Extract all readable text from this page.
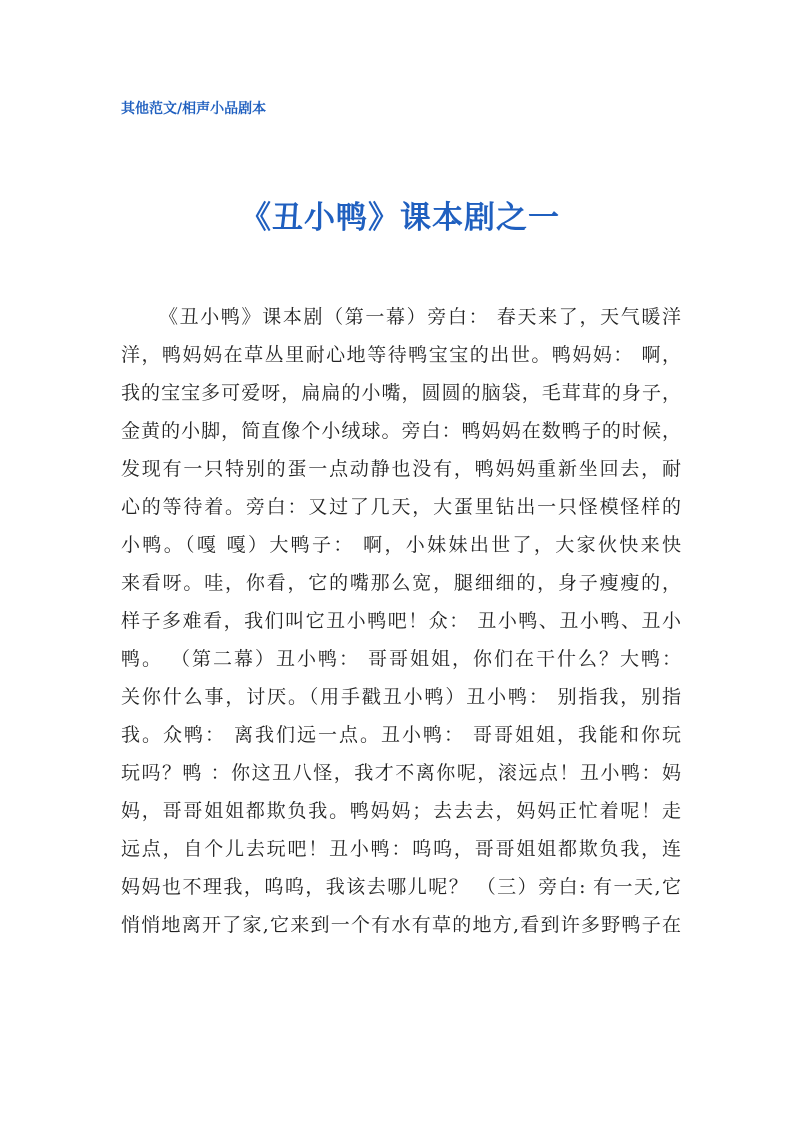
其他范文/相声小品剧本
《丑小鸭》课本剧之一
《丑小鸭》课本剧（第一幕）旁白： 春天来了，天气暖洋
洋，鸭妈妈在草丛里耐心地等待鸭宝宝的出世。鸭妈妈： 啊，
我的宝宝多可爱呀，扁扁的小嘴，圆圆的脑袋，毛茸茸的身子，
金黄的小脚，简直像个小绒球。旁白：鸭妈妈在数鸭子的时候，
发现有一只特别的蛋一点动静也没有，鸭妈妈重新坐回去，耐
心的等待着。旁白：又过了几天，大蛋里钻出一只怪模怪样的
小鸭。（嘎 嘎）大鸭子： 啊，小妹妹出世了，大家伙快来快
来看呀。哇，你看，它的嘴那么宽，腿细细的，身子瘦瘦的，
样子多难看，我们叫它丑小鸭吧！众： 丑小鸭、丑小鸭、丑小
鸭。 （第二幕）丑小鸭： 哥哥姐姐，你们在干什么？大鸭：
关你什么事，讨厌。（用手戳丑小鸭）丑小鸭： 别指我，别指
我。众鸭： 离我们远一点。丑小鸭： 哥哥姐姐，我能和你玩
玩吗？鸭 ：你这丑八怪，我才不离你呢，滚远点！丑小鸭：妈
妈，哥哥姐姐都欺负我。鸭妈妈；去去去，妈妈正忙着呢！走
远点，自个儿去玩吧！丑小鸭：呜呜，哥哥姐姐都欺负我，连
妈妈也不理我，呜呜，我该去哪儿呢？ （三）旁白: 有一天,它
悄悄地离开了家,它来到一个有水有草的地方,看到许多野鸭子在
